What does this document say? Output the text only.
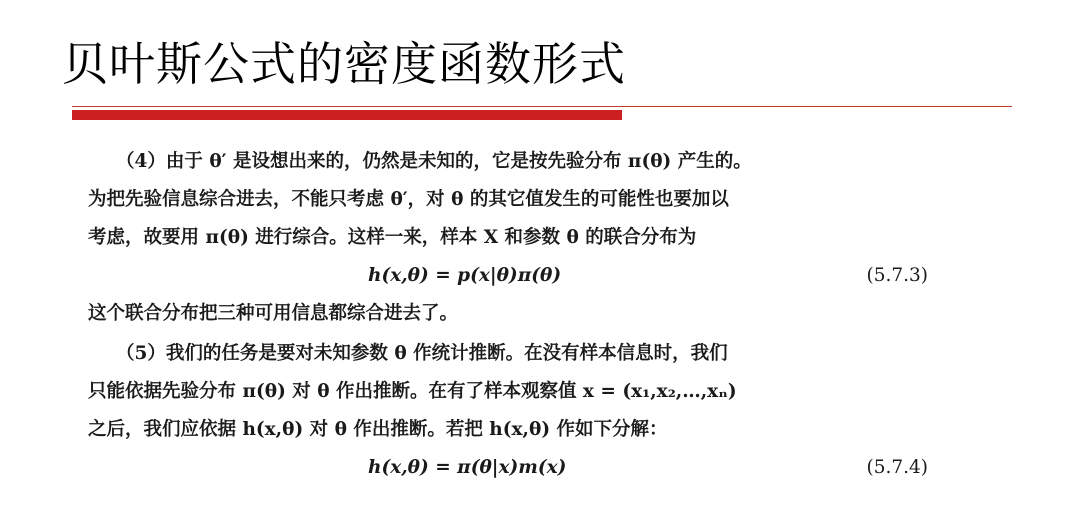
贝叶斯公式的密度函数形式
（4）由于 θ′ 是设想出来的，仍然是未知的，它是按先验分布 π(θ) 产生的。
为把先验信息综合进去，不能只考虑 θ′，对 θ 的其它值发生的可能性也要加以
考虑，故要用 π(θ) 进行综合。这样一来，样本 X 和参数 θ 的联合分布为
h(x,θ) = p(x|θ)π(θ)	(5.7.3)
这个联合分布把三种可用信息都综合进去了。
（5）我们的任务是要对未知参数 θ 作统计推断。在没有样本信息时，我们
只能依据先验分布 π(θ) 对 θ 作出推断。在有了样本观察值 x = (x₁,x₂,…,xₙ)
之后，我们应依据 h(x,θ) 对 θ 作出推断。若把 h(x,θ) 作如下分解：
h(x,θ) = π(θ|x)m(x)	(5.7.4)
